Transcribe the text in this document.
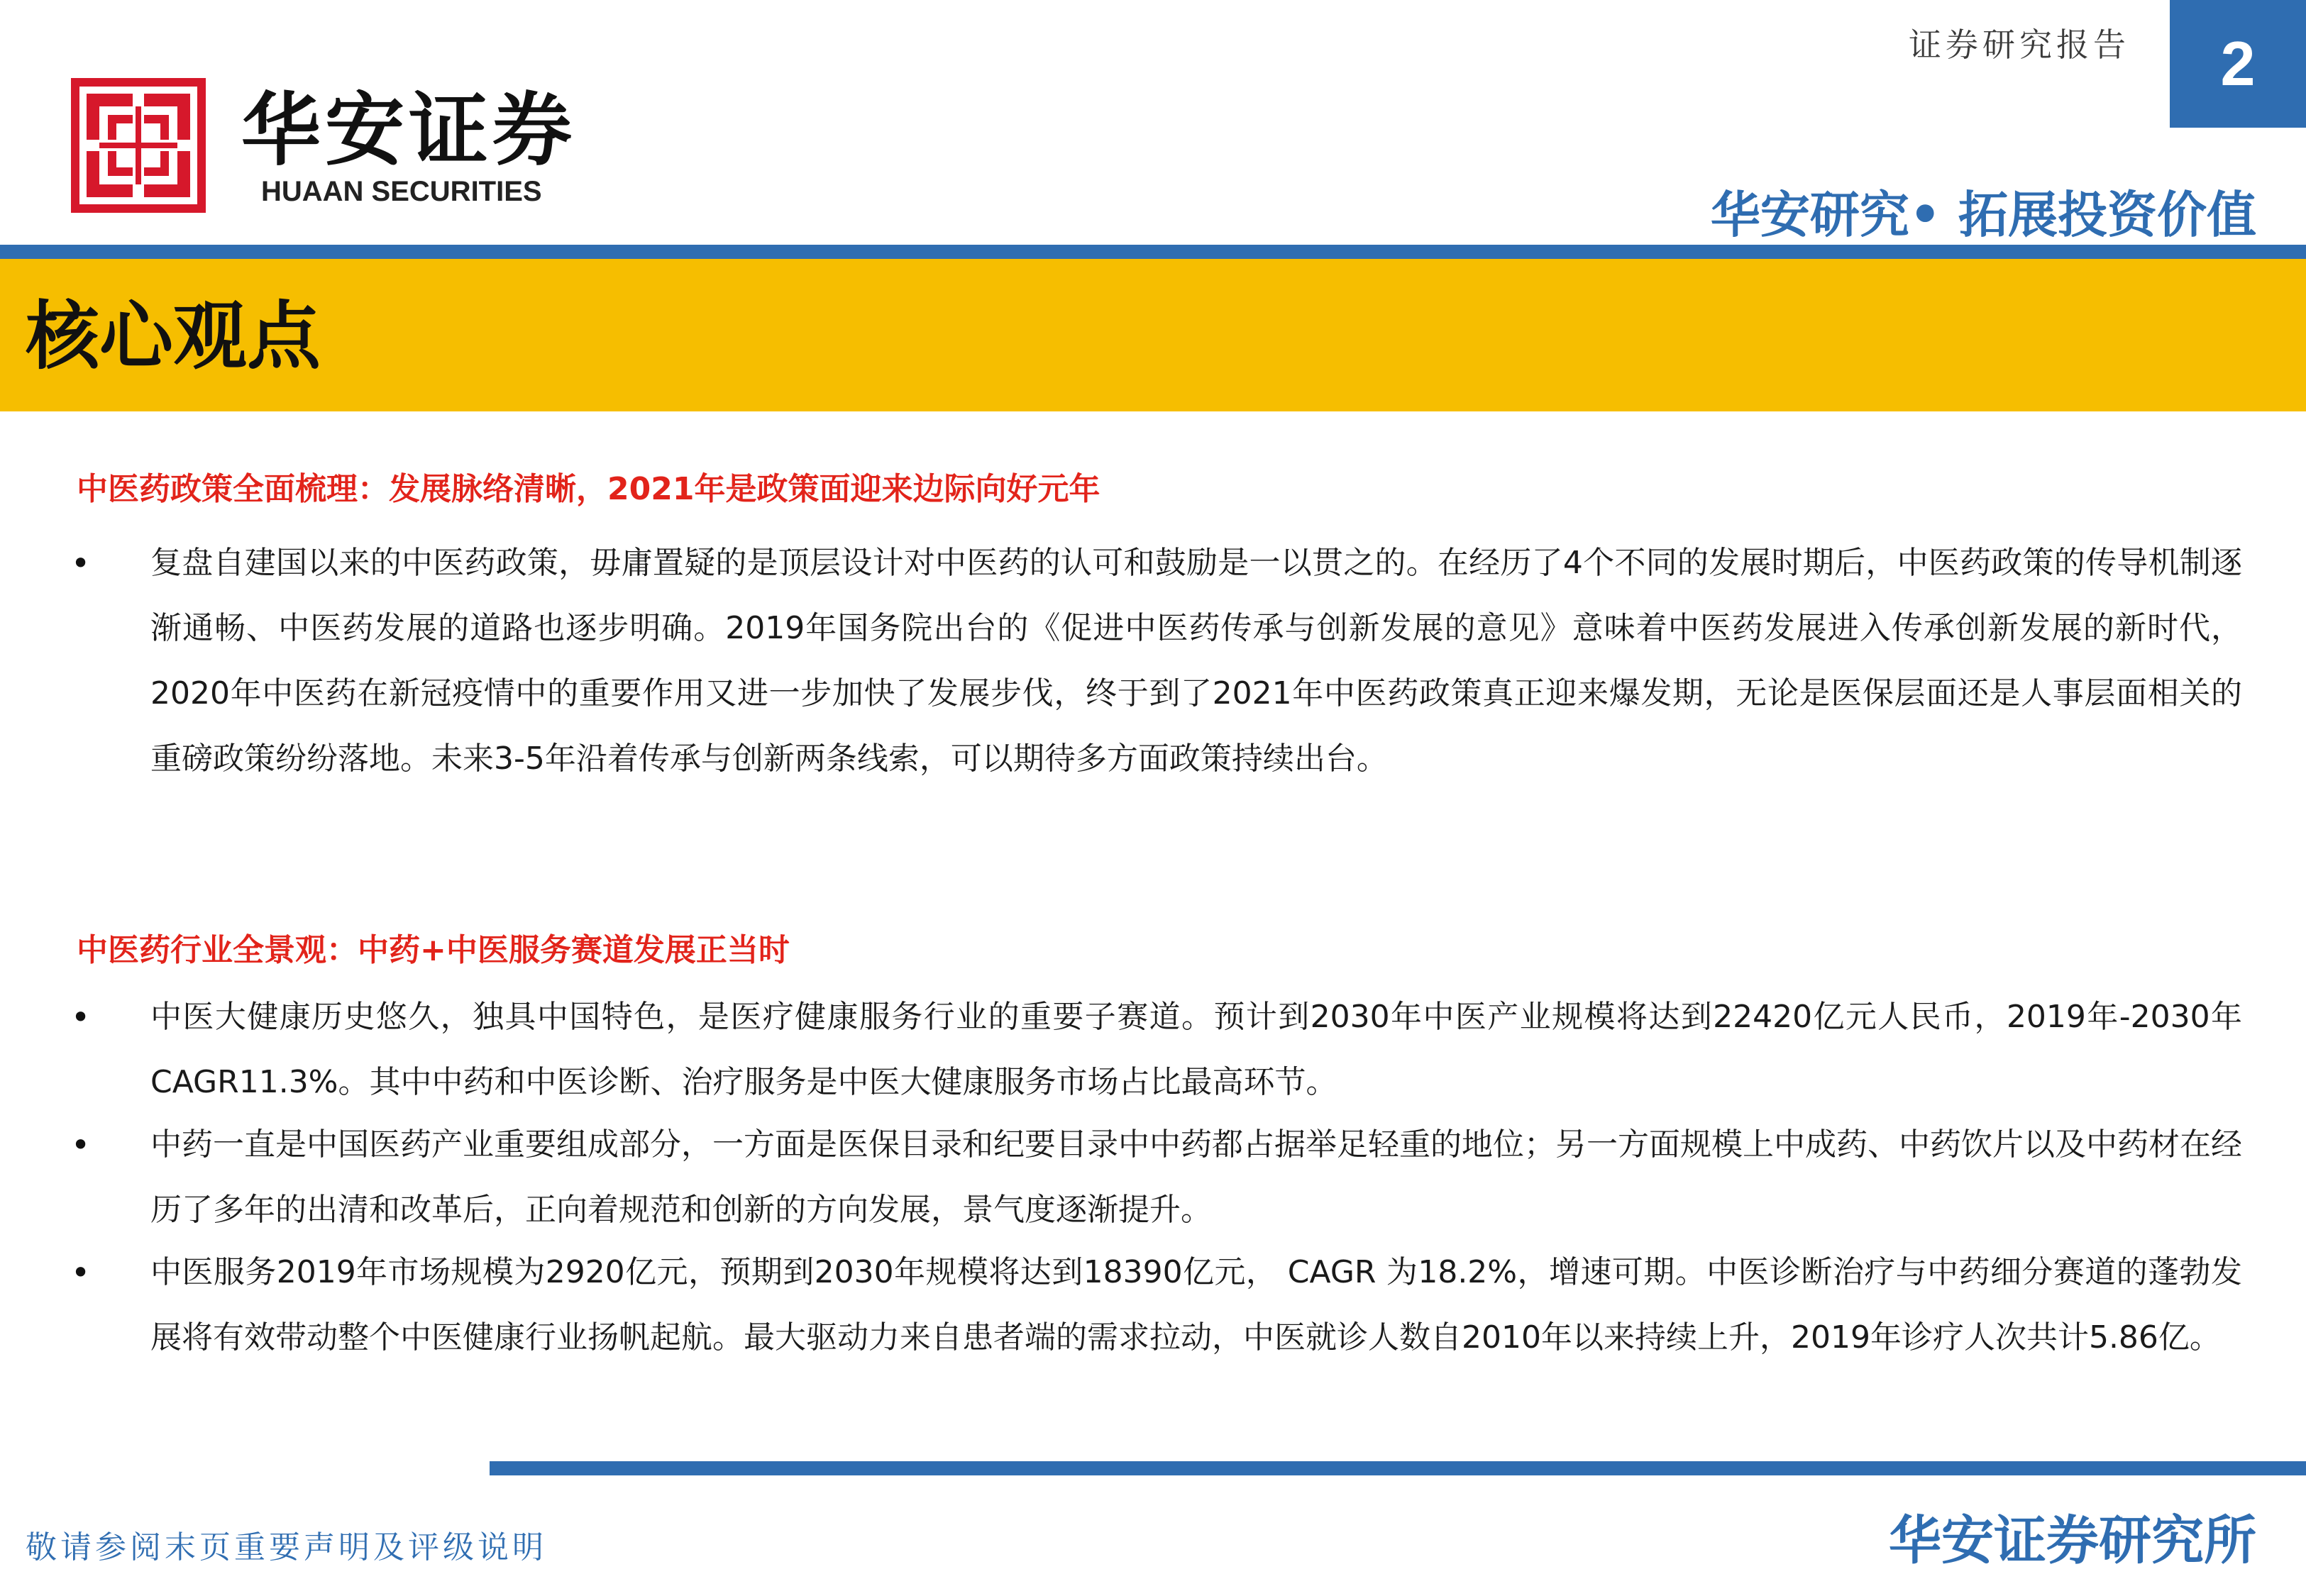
华安证券
HUAAN SECURITIES
证券研究报告	2
华安研究• 拓展投资价值
核心观点
中医药政策全面梳理：发展脉络清晰，2021年是政策面迎来边际向好元年
• 复盘自建国以来的中医药政策，毋庸置疑的是顶层设计对中医药的认可和鼓励是一以贯之的。在经历了4个不同的发展时期后，中医药政策的传导机制逐渐通畅、中医药发展的道路也逐步明确。2019年国务院出台的《促进中医药传承与创新发展的意见》意味着中医药发展进入传承创新发展的新时代，2020年中医药在新冠疫情中的重要作用又进一步加快了发展步伐，终于到了2021年中医药政策真正迎来爆发期，无论是医保层面还是人事层面相关的重磅政策纷纷落地。未来3-5年沿着传承与创新两条线索，可以期待多方面政策持续出台。
中医药行业全景观：中药+中医服务赛道发展正当时
• 中医大健康历史悠久，独具中国特色，是医疗健康服务行业的重要子赛道。预计到2030年中医产业规模将达到22420亿元人民币，2019年-2030年 CAGR11.3%。其中中药和中医诊断、治疗服务是中医大健康服务市场占比最高环节。
• 中药一直是中国医药产业重要组成部分，一方面是医保目录和纪要目录中中药都占据举足轻重的地位；另一方面规模上中成药、中药饮片以及中药材在经历了多年的出清和改革后，正向着规范和创新的方向发展，景气度逐渐提升。
• 中医服务2019年市场规模为2920亿元，预期到2030年规模将达到18390亿元， CAGR 为18.2%，增速可期。中医诊断治疗与中药细分赛道的蓬勃发展将有效带动整个中医健康行业扬帆起航。最大驱动力来自患者端的需求拉动，中医就诊人数自2010年以来持续上升，2019年诊疗人次共计5.86亿。
敬请参阅末页重要声明及评级说明	华安证券研究所
